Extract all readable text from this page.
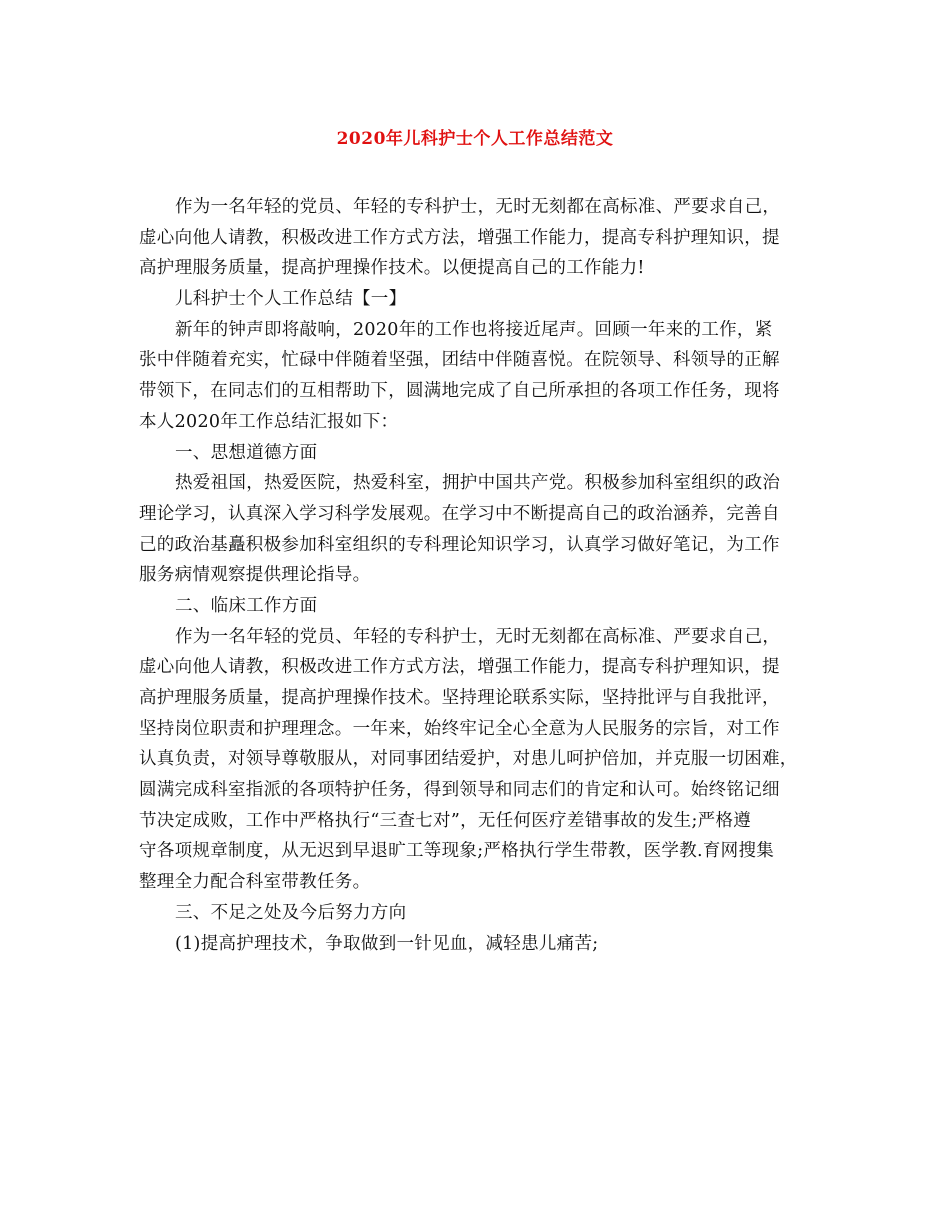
2020年儿科护士个人工作总结范文
作为一名年轻的党员、年轻的专科护士，无时无刻都在高标准、严要求自己，
虚心向他人请教，积极改进工作方式方法，增强工作能力，提高专科护理知识，提
高护理服务质量，提高护理操作技术。以便提高自己的工作能力!
儿科护士个人工作总结【一】
新年的钟声即将敲响，2020年的工作也将接近尾声。回顾一年来的工作，紧
张中伴随着充实，忙碌中伴随着坚强，团结中伴随喜悦。在院领导、科领导的正解
带领下，在同志们的互相帮助下，圆满地完成了自己所承担的各项工作任务，现将
本人2020年工作总结汇报如下：
一、思想道德方面
热爱祖国，热爱医院，热爱科室，拥护中国共产党。积极参加科室组织的政治
理论学习，认真深入学习科学发展观。在学习中不断提高自己的政治涵养，完善自
己的政治基矗积极参加科室组织的专科理论知识学习，认真学习做好笔记，为工作
服务病情观察提供理论指导。
二、临床工作方面
作为一名年轻的党员、年轻的专科护士，无时无刻都在高标准、严要求自己，
虚心向他人请教，积极改进工作方式方法，增强工作能力，提高专科护理知识，提
高护理服务质量，提高护理操作技术。坚持理论联系实际，坚持批评与自我批评，
坚持岗位职责和护理理念。一年来，始终牢记全心全意为人民服务的宗旨，对工作
认真负责，对领导尊敬服从，对同事团结爱护，对患儿呵护倍加，并克服一切困难，
圆满完成科室指派的各项特护任务，得到领导和同志们的肯定和认可。始终铭记细
节决定成败，工作中严格执行“三查七对”，无任何医疗差错事故的发生;严格遵
守各项规章制度，从无迟到早退旷工等现象;严格执行学生带教，医学教.育网搜集
整理全力配合科室带教任务。
三、不足之处及今后努力方向
(1)提高护理技术，争取做到一针见血，减轻患儿痛苦;
